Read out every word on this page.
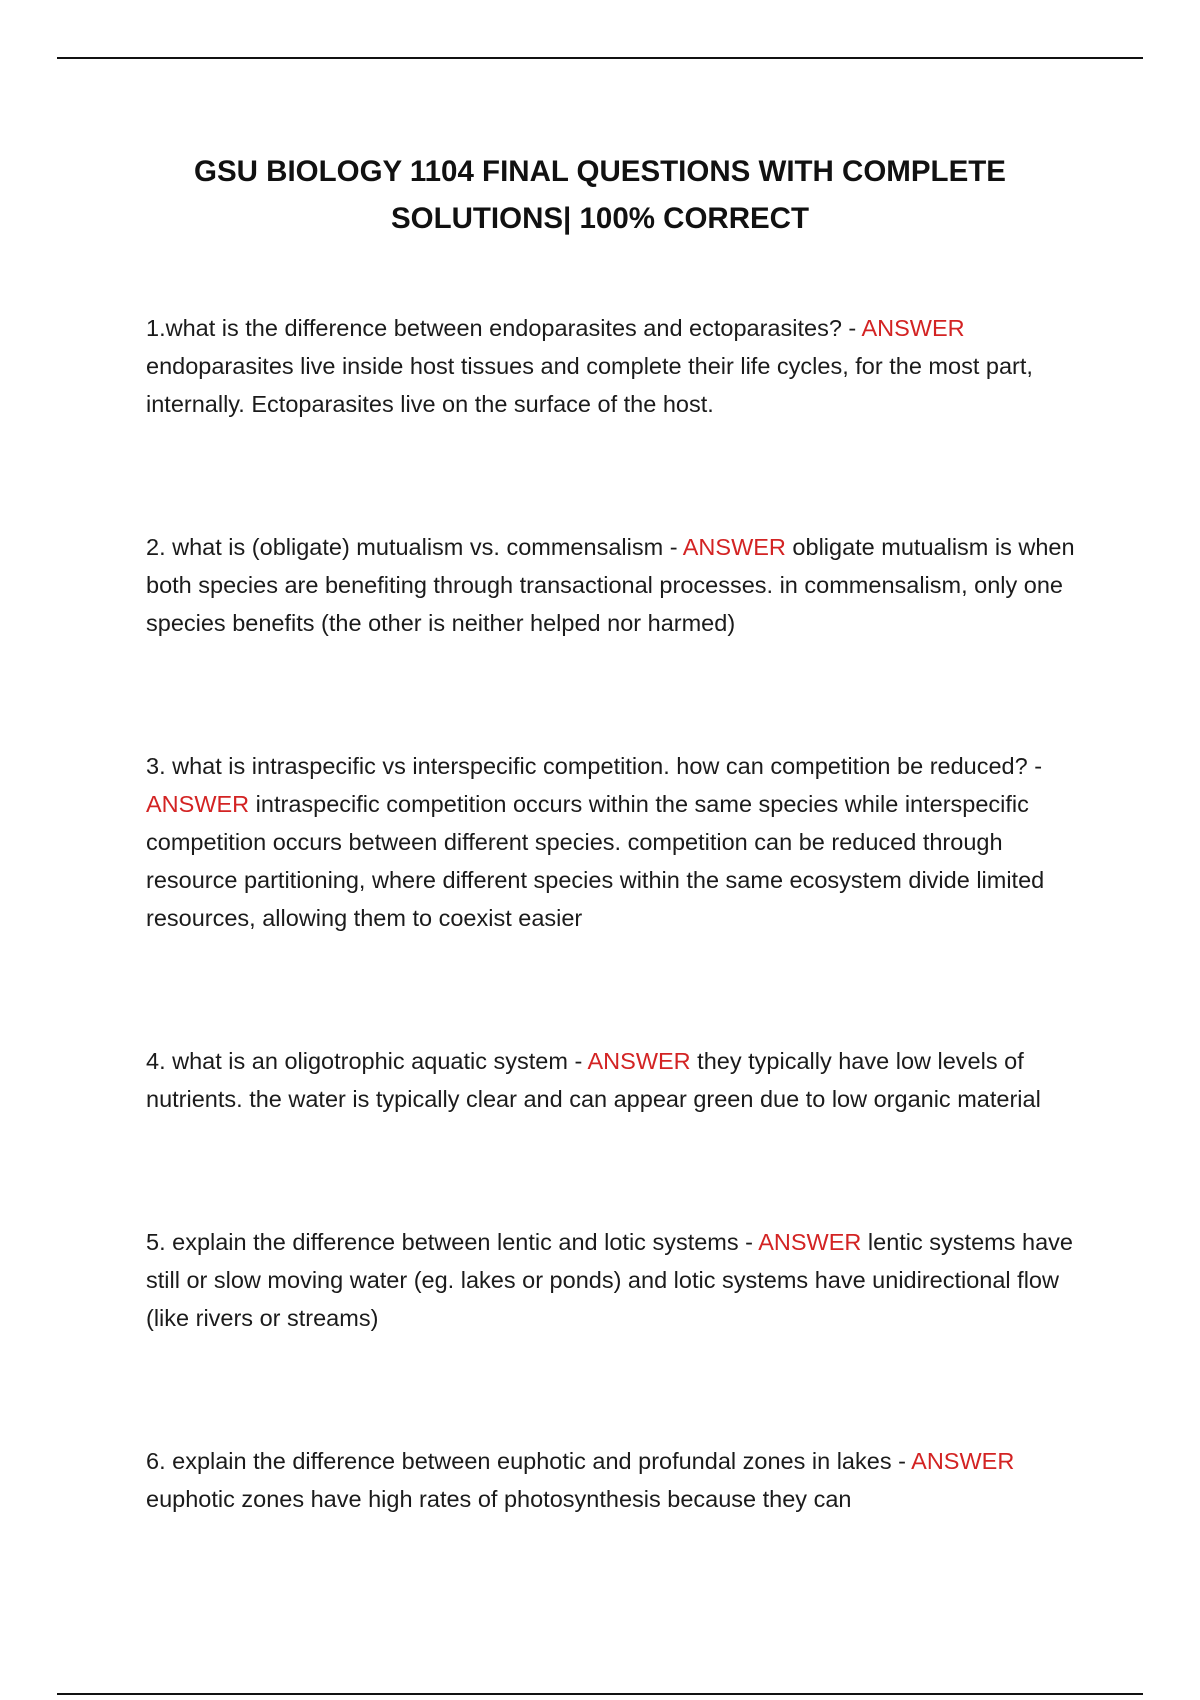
GSU BIOLOGY 1104 FINAL QUESTIONS WITH COMPLETE SOLUTIONS| 100% CORRECT

1.what is the difference between endoparasites and ectoparasites? - ANSWER endoparasites live inside host tissues and complete their life cycles, for the most part, internally. Ectoparasites live on the surface of the host.

2. what is (obligate) mutualism vs. commensalism - ANSWER obligate mutualism is when both species are benefiting through transactional processes. in commensalism, only one species benefits (the other is neither helped nor harmed)

3. what is intraspecific vs interspecific competition. how can competition be reduced? - ANSWER intraspecific competition occurs within the same species while interspecific competition occurs between different species. competition can be reduced through resource partitioning, where different species within the same ecosystem divide limited resources, allowing them to coexist easier

4. what is an oligotrophic aquatic system - ANSWER they typically have low levels of nutrients. the water is typically clear and can appear green due to low organic material

5. explain the difference between lentic and lotic systems - ANSWER lentic systems have still or slow moving water (eg. lakes or ponds) and lotic systems have unidirectional flow (like rivers or streams)

6. explain the difference between euphotic and profundal zones in lakes - ANSWER euphotic zones have high rates of photosynthesis because they can
